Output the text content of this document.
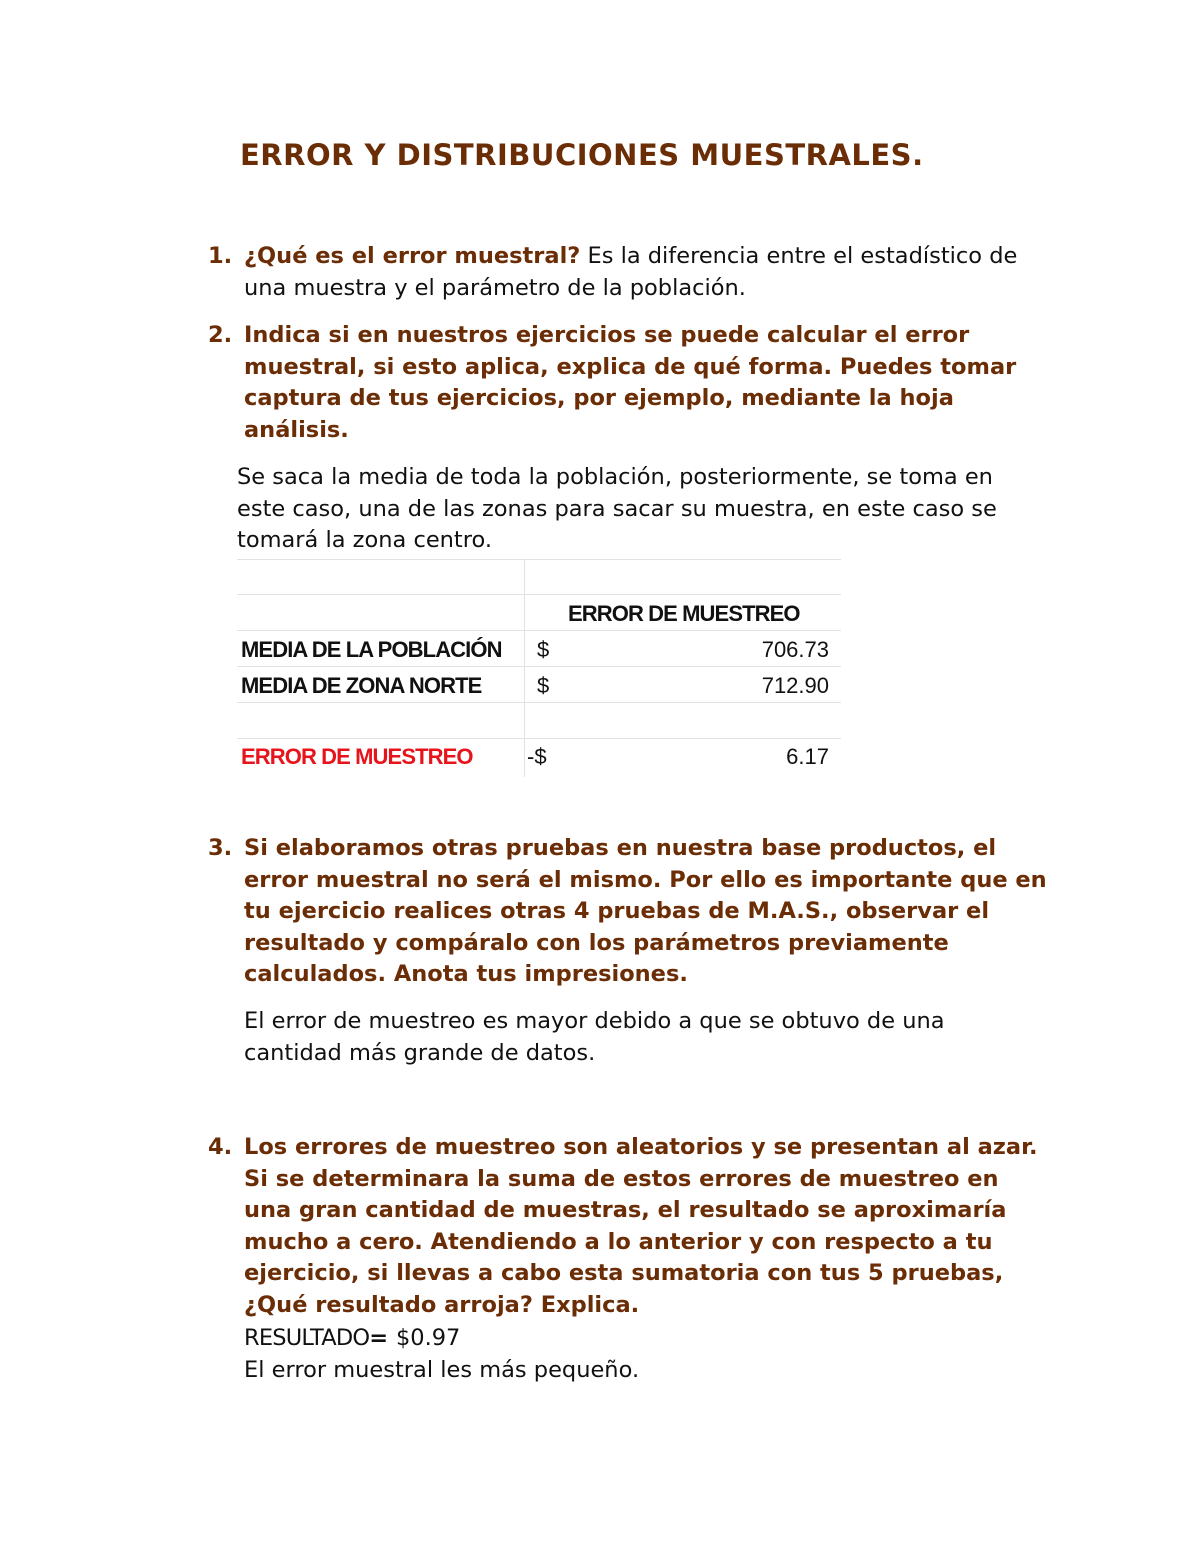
ERROR Y DISTRIBUCIONES MUESTRALES.
1. ¿Qué es el error muestral? Es la diferencia entre el estadístico de una muestra y el parámetro de la población.
2. Indica si en nuestros ejercicios se puede calcular el error muestral, si esto aplica, explica de qué forma. Puedes tomar captura de tus ejercicios, por ejemplo, mediante la hoja análisis.
Se saca la media de toda la población, posteriormente, se toma en este caso, una de las zonas para sacar su muestra, en este caso se tomará la zona centro.
ERROR DE MUESTREO
MEDIA DE LA POBLACIÓN $	706.73
MEDIA DE ZONA NORTE	$	712.90
ERROR DE MUESTREO -$	6.17
3. Si elaboramos otras pruebas en nuestra base productos, el error muestral no será el mismo. Por ello es importante que en tu ejercicio realices otras 4 pruebas de M.A.S., observar el resultado y compáralo con los parámetros previamente calculados. Anota tus impresiones.
El error de muestreo es mayor debido a que se obtuvo de una cantidad más grande de datos.
4. Los errores de muestreo son aleatorios y se presentan al azar. Si se determinara la suma de estos errores de muestreo en una gran cantidad de muestras, el resultado se aproximaría mucho a cero. Atendiendo a lo anterior y con respecto a tu ejercicio, si llevas a cabo esta sumatoria con tus 5 pruebas, ¿Qué resultado arroja? Explica.
RESULTADO= $0.97
El error muestral les más pequeño.
